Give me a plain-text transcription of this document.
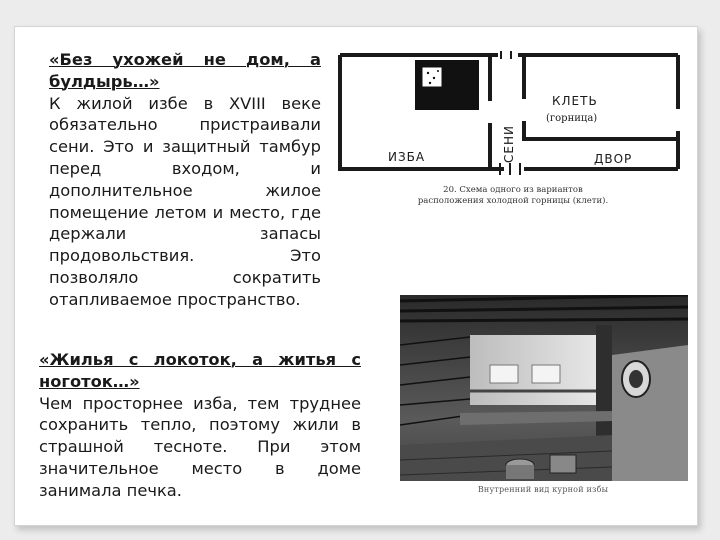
«Без ухожей не дом, а булдырь…»
К жилой избе в XVIII веке обязательно пристраивали сени. Это и защитный тамбур перед входом, и дополнительное жилое помещение летом и место, где держали запасы продовольствия. Это позволяло сократить отапливаемое пространство.
«Жилья с локоток, а житья с ноготок…»
Чем просторнее изба, тем труднее сохранить тепло, поэтому жили в страшной тесноте. При этом значительное место в доме занимала печка.
ИЗБА	СЕНИ
КЛЕТЬ
(горница)
ДВОР
20. Схема одного из вариантов
расположения холодной горницы (клети).
Внутренний вид курной избы
